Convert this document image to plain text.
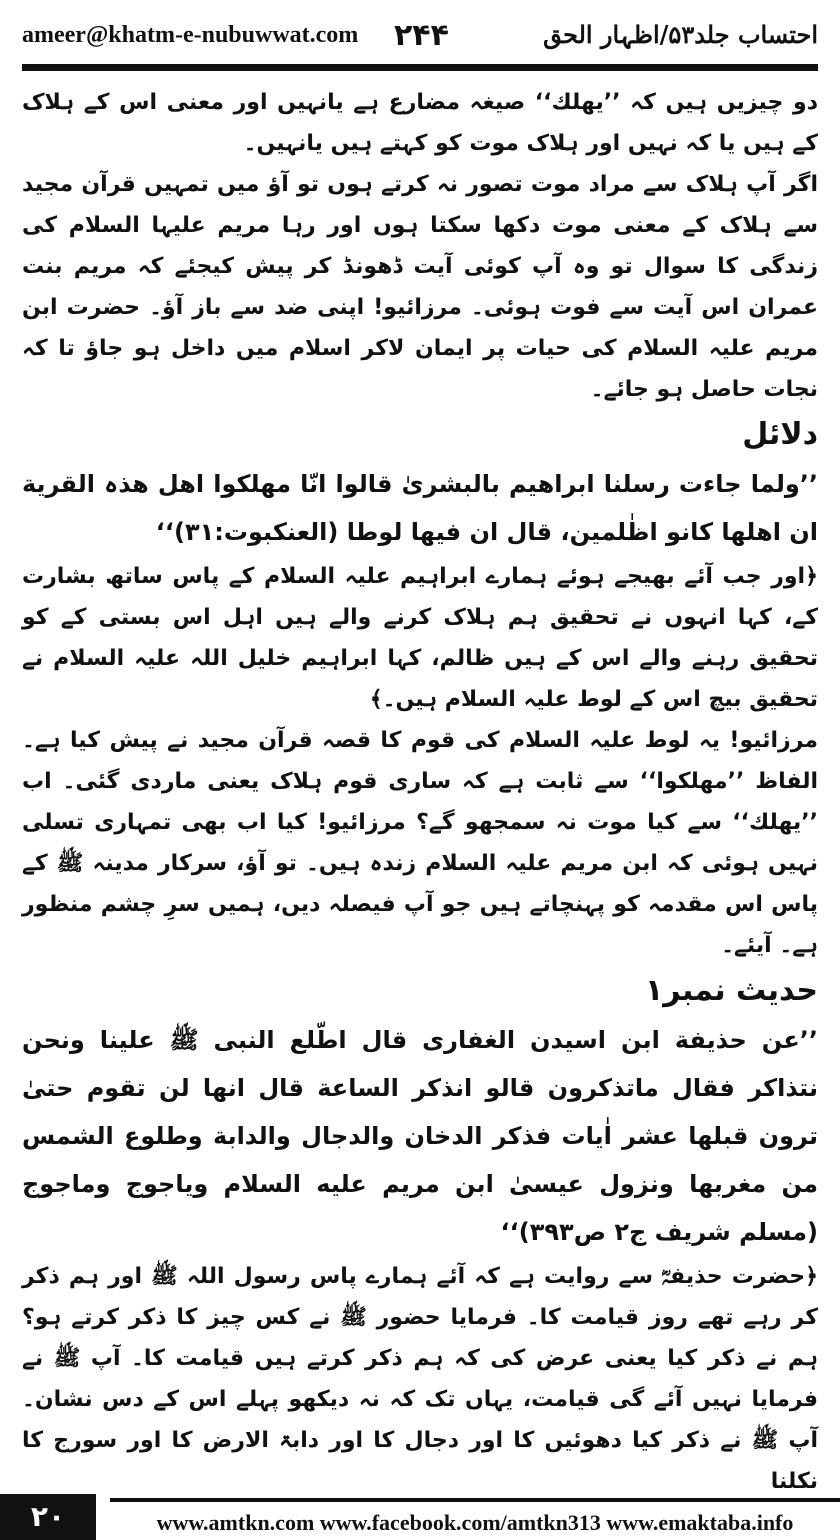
ameer@khatm-e-nubuwwat.com ۲۴۴	احتساب جلد۵۳/اظہار الحق

دو چیزیں ہیں کہ ’’یھلك‘‘ صیغہ مضارع ہے یانہیں اور معنی اس کے ہلاک کے ہیں یا کہ نہیں اور ہلاک موت کو کہتے ہیں یانہیں۔

اگر آپ ہلاک سے مراد موت تصور نہ کرتے ہوں تو آؤ میں تمہیں قرآن مجید سے ہلاک کے معنی موت دکھا سکتا ہوں اور رہا مریم علیہا السلام کی زندگی کا سوال تو وہ آپ کوئی آیت ڈھونڈ کر پیش کیجئے کہ مریم بنت عمران اس آیت سے فوت ہوئی۔ مرزائیو! اپنی ضد سے باز آؤ۔ حضرت ابن مریم علیہ السلام کی حیات پر ایمان لاکر اسلام میں داخل ہو جاؤ تا کہ نجات حاصل ہو جائے۔

دلائل

’’ولما جاءت رسلنا ابراھیم بالبشریٰ قالوا انّا مھلکوا اھل ھذہ القریة ان اھلھا کانو اظٰلمین، قال ان فیھا لوطا (العنکبوت:۳۱)‘‘

﴿اور جب آئے بھیجے ہوئے ہمارے ابراہیم علیہ السلام کے پاس ساتھ بشارت کے، کہا انہوں نے تحقیق ہم ہلاک کرنے والے ہیں اہل اس بستی کے کو تحقیق رہنے والے اس کے ہیں ظالم، کہا ابراہیم خلیل اللہ علیہ السلام نے تحقیق بیچ اس کے لوط علیہ السلام ہیں۔﴾

مرزائیو! یہ لوط علیہ السلام کی قوم کا قصہ قرآن مجید نے پیش کیا ہے۔ الفاظ ’’مھلکوا‘‘ سے ثابت ہے کہ ساری قوم ہلاک یعنی ماردی گئی۔ اب ’’یھلك‘‘ سے کیا موت نہ سمجھو گے؟ مرزائیو! کیا اب بھی تمہاری تسلی نہیں ہوئی کہ ابن مریم علیہ السلام زندہ ہیں۔ تو آؤ، سرکار مدینہ ﷺ کے پاس اس مقدمہ کو پہنچاتے ہیں جو آپ فیصلہ دیں، ہمیں سرِ چشم منظور ہے۔ آیئے۔

حدیث نمبر۱

’’عن حذیفة ابن اسیدن الغفاری قال اطّلع النبی ﷺ علینا ونحن نتذاکر فقال ماتذکرون قالو انذکر الساعة قال انھا لن تقوم حتیٰ ترون قبلھا عشر اٰیات فذکر الدخان والدجال والدابة وطلوع الشمس من مغربھا ونزول عیسیٰ ابن مریم علیه السلام ویاجوج وماجوج (مسلم شریف ج۲ ص۳۹۳)‘‘

﴿حضرت حذیفہؓ سے روایت ہے کہ آئے ہمارے پاس رسول اللہ ﷺ اور ہم ذکر کر رہے تھے روز قیامت کا۔ فرمایا حضور ﷺ نے کس چیز کا ذکر کرتے ہو؟ ہم نے ذکر کیا یعنی عرض کی کہ ہم ذکر کرتے ہیں قیامت کا۔ آپ ﷺ نے فرمایا نہیں آئے گی قیامت، یہاں تک کہ نہ دیکھو پہلے اس کے دس نشان۔ آپ ﷺ نے ذکر کیا دھوئیں کا اور دجال کا اور دابۃ الارض کا اور سورج کا نکلنا

۲۰	www.amtkn.com www.facebook.com/amtkn313 www.emaktaba.info
